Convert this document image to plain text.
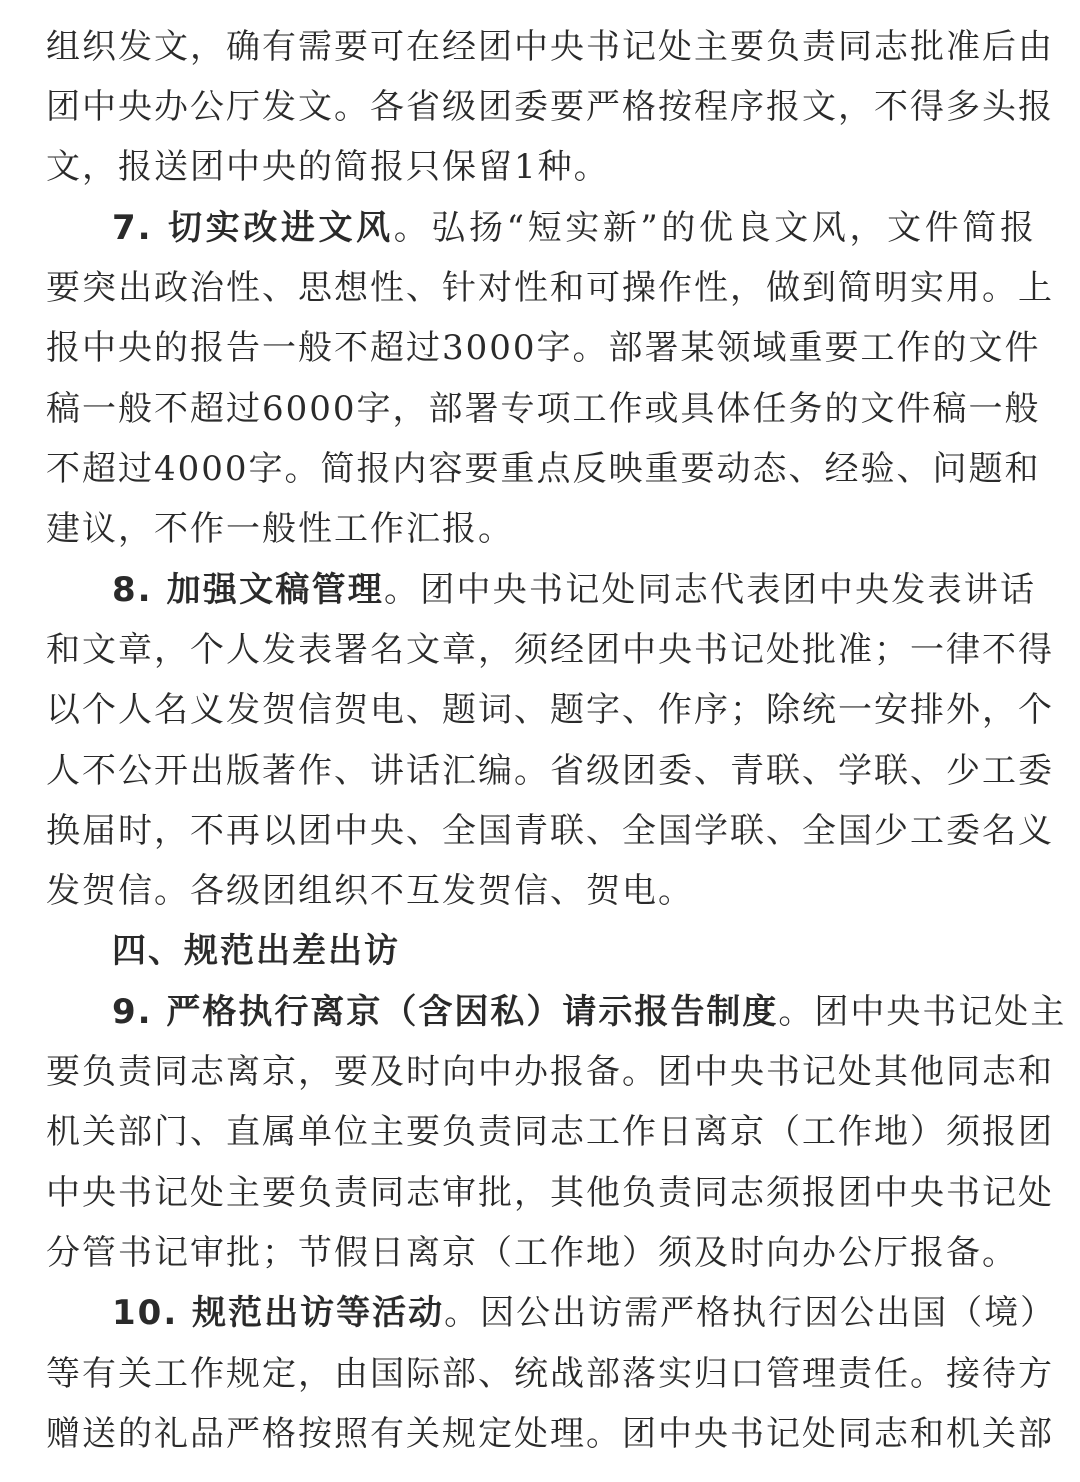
组织发文，确有需要可在经团中央书记处主要负责同志批准后由
团中央办公厅发文。各省级团委要严格按程序报文，不得多头报
文，报送团中央的简报只保留1种。
7. 切实改进文风。弘扬“短实新”的优良文风，文件简报
要突出政治性、思想性、针对性和可操作性，做到简明实用。上
报中央的报告一般不超过3000字。部署某领域重要工作的文件
稿一般不超过6000字，部署专项工作或具体任务的文件稿一般
不超过4000字。简报内容要重点反映重要动态、经验、问题和
建议，不作一般性工作汇报。
8. 加强文稿管理。团中央书记处同志代表团中央发表讲话
和文章，个人发表署名文章，须经团中央书记处批准；一律不得
以个人名义发贺信贺电、题词、题字、作序；除统一安排外，个
人不公开出版著作、讲话汇编。省级团委、青联、学联、少工委
换届时，不再以团中央、全国青联、全国学联、全国少工委名义
发贺信。各级团组织不互发贺信、贺电。
四、规范出差出访
9. 严格执行离京（含因私）请示报告制度。团中央书记处主
要负责同志离京，要及时向中办报备。团中央书记处其他同志和
机关部门、直属单位主要负责同志工作日离京（工作地）须报团
中央书记处主要负责同志审批，其他负责同志须报团中央书记处
分管书记审批；节假日离京（工作地）须及时向办公厅报备。
10. 规范出访等活动。因公出访需严格执行因公出国（境）
等有关工作规定，由国际部、统战部落实归口管理责任。接待方
赠送的礼品严格按照有关规定处理。团中央书记处同志和机关部
